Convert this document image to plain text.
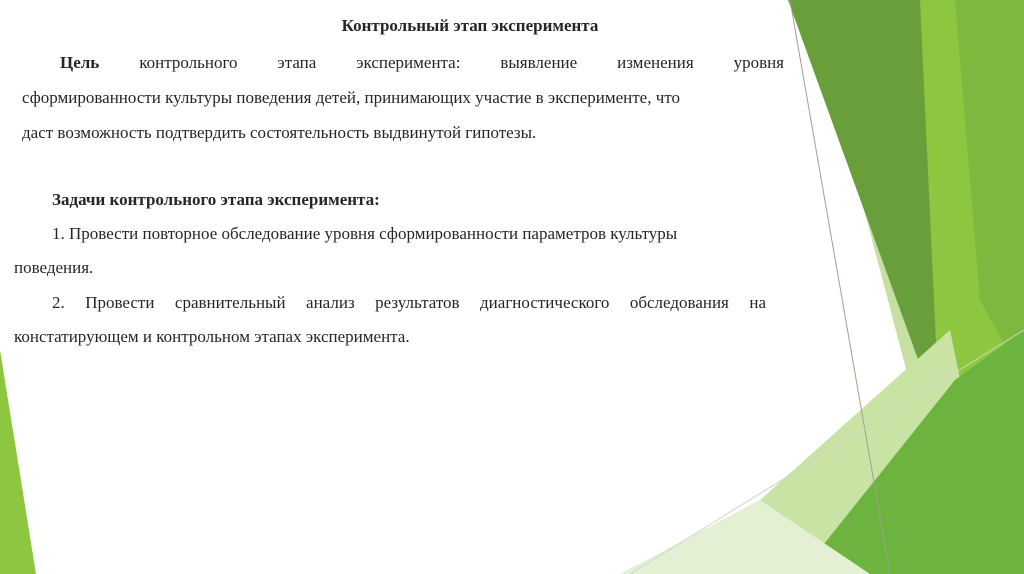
Контрольный этап эксперимента

Цель контрольного этапа эксперимента: выявление изменения уровня

сформированности культуры поведения детей, принимающих участие в эксперименте, что

даст возможность подтвердить состоятельность выдвинутой гипотезы.

Задачи контрольного этапа эксперимента:

1. Провести повторное обследование уровня сформированности параметров культуры

поведения.

2. Провести сравнительный анализ результатов диагностического обследования на

констатирующем и контрольном этапах эксперимента.
